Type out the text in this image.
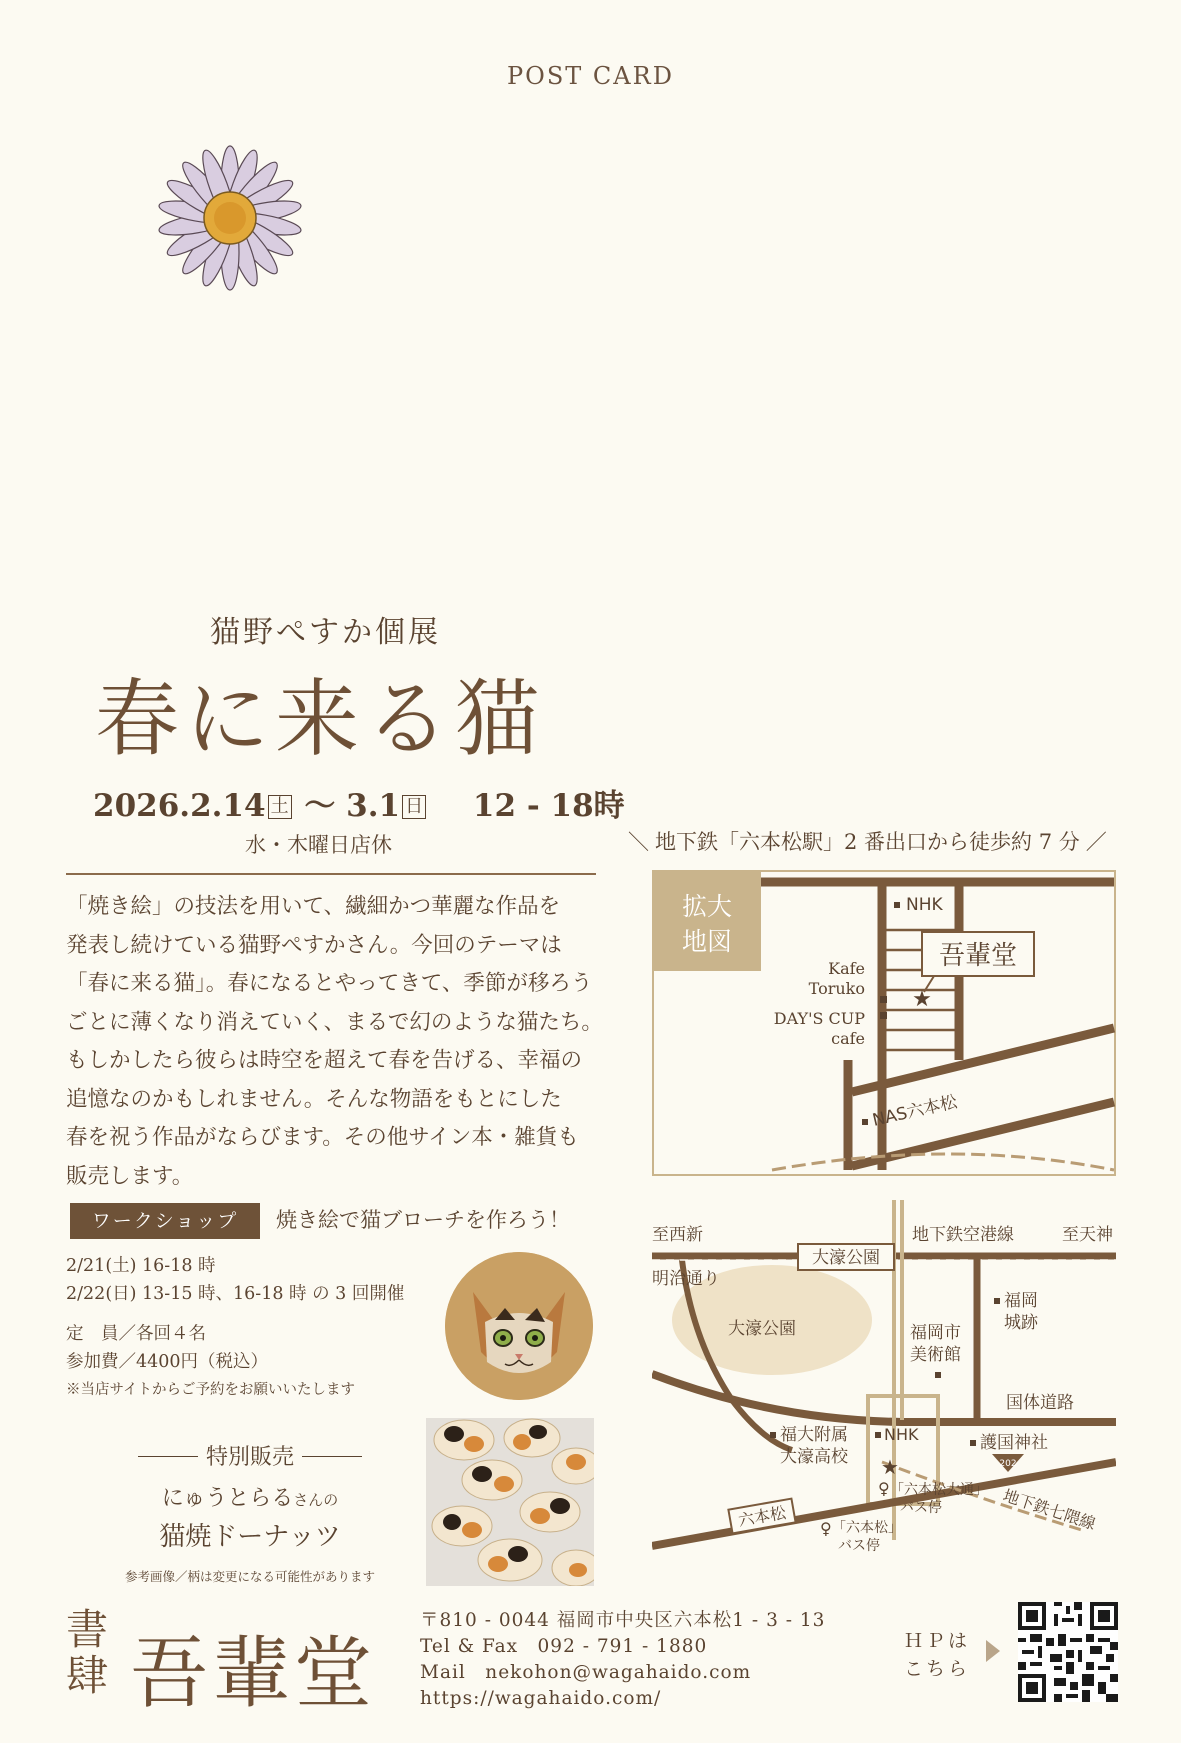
POST CARD
猫野ぺすか個展
春に来る猫
2026.2.14 土 〜 3.1 日 12 - 18時
水・木曜日店休
「焼き絵」の技法を用いて、繊細かつ華麗な作品を
発表し続けている猫野ぺすかさん。今回のテーマは
「春に来る猫」。春になるとやってきて、季節が移ろう
ごとに薄くなり消えていく、まるで幻のような猫たち。
もしかしたら彼らは時空を超えて春を告げる、幸福の
追憶なのかもしれません。そんな物語をもとにした
春を祝う作品がならびます。その他サイン本・雑貨も
販売します。
ワークショップ	焼き絵で猫ブローチを作ろう！
2/21(土) 16-18 時
2/22(日) 13-15 時、16-18 時 の 3 回開催
定　員／各回４名
参加費／4400円（税込）
※当店サイトからご予約をお願いいたします
特別販売
にゅうとらるさんの
猫焼ドーナッツ
参考画像／柄は変更になる可能性があります
＼ 地下鉄「六本松駅」2 番出口から徒歩約 7 分 ／
拡大
地図
NHK
吾輩堂
★
Kafe
Toruko
DAY'S CUP
cafe
NAS六本松
至西新
明治通り
大濠公園
地下鉄空港線	至天神
大濠公園
福岡
城跡
福岡市
美術館
国体道路
福大附属
大濠高校
NHK
★
護国神社
202
♀ 「六本松大通」
バス停
六本松 ♀ 「六本松」
バス停
地下鉄七隈線
書
肆 吾輩堂
〒810 - 0044 福岡市中央区六本松1 - 3 - 13
Tel & Fax　092 - 791 - 1880
Mail　nekohon@wagahaido.com
https://wagahaido.com/
ＨＰは
こちら
